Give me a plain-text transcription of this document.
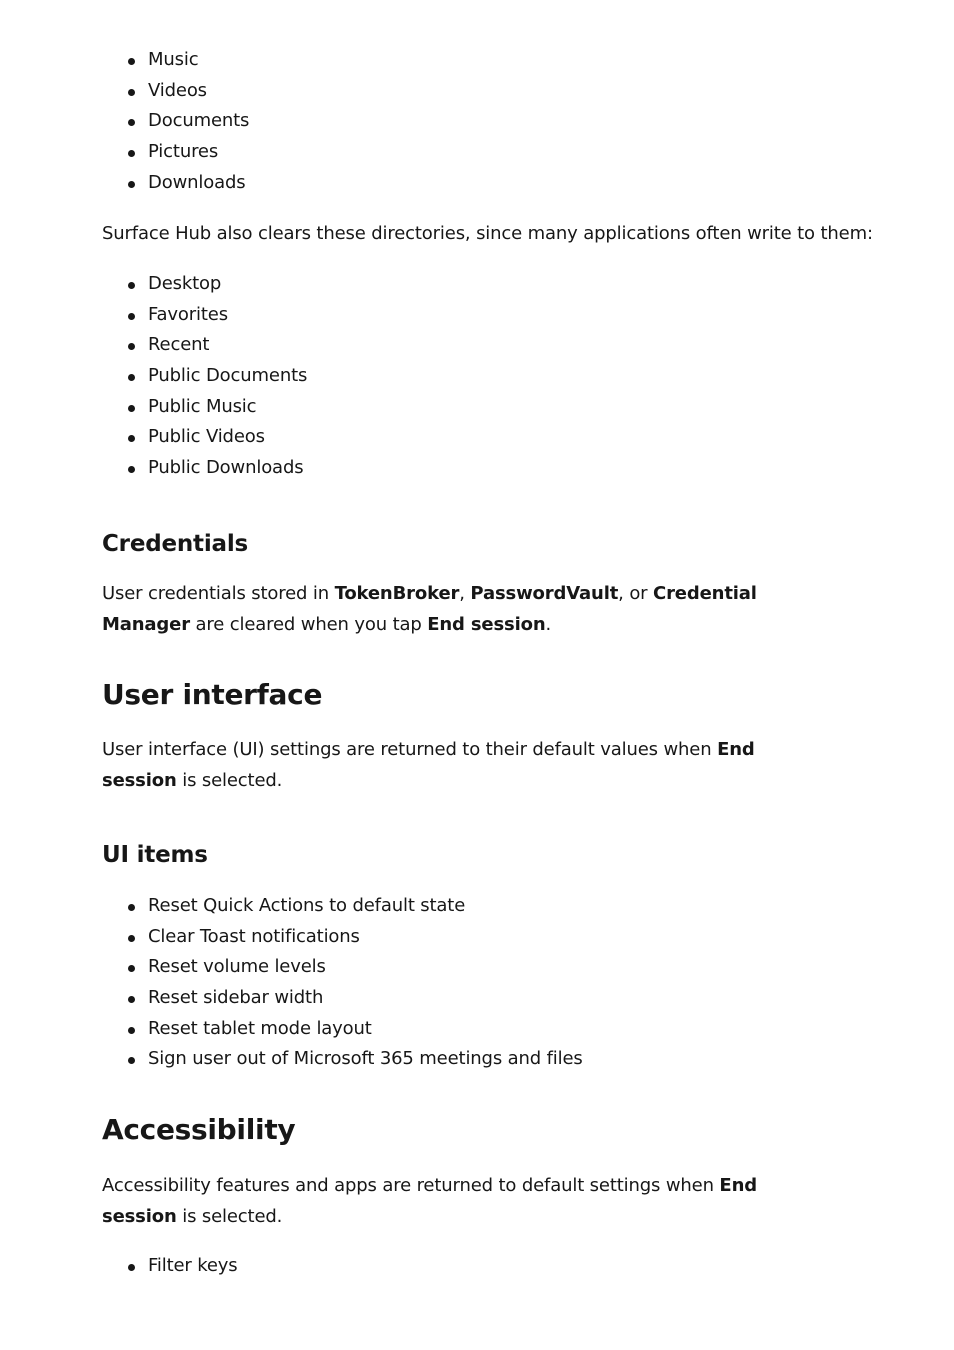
Music
Videos
Documents
Pictures
Downloads

Surface Hub also clears these directories, since many applications often write to them:

Desktop
Favorites
Recent
Public Documents
Public Music
Public Videos
Public Downloads
Credentials

User credentials stored in TokenBroker, PasswordVault, or Credential Manager are cleared when you tap End session.

User interface

User interface (UI) settings are returned to their default values when End session is selected.

UI items
Reset Quick Actions to default state
Clear Toast notifications
Reset volume levels
Reset sidebar width
Reset tablet mode layout
Sign user out of Microsoft 365 meetings and files
Accessibility

Accessibility features and apps are returned to default settings when End session is selected.

Filter keys
